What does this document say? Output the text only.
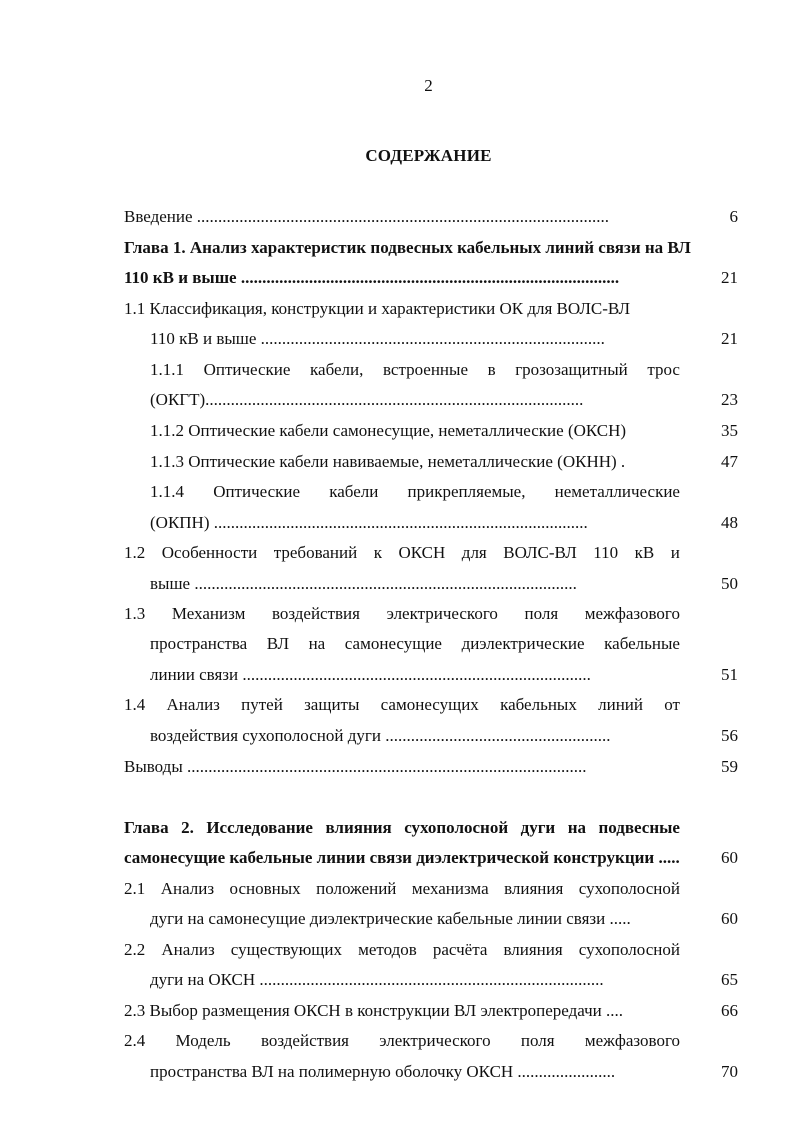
2
СОДЕРЖАНИЕ
Введение .................................................................................................	6
Глава 1. Анализ характеристик подвесных кабельных линий связи на ВЛ
110 кВ и выше .........................................................................................	21
1.1 Классификация, конструкции и характеристики ОК для ВОЛС-ВЛ
110 кВ и выше .................................................................................	21
1.1.1 Оптические кабели, встроенные в грозозащитный трос
(ОКГТ).........................................................................................	23
1.1.2 Оптические кабели самонесущие, неметаллические (ОКСН)	35
1.1.3 Оптические кабели навиваемые, неметаллические (ОКНН) .	47
1.1.4 Оптические кабели прикрепляемые, неметаллические
(ОКПН) ........................................................................................	48
1.2 Особенности требований к ОКСН для ВОЛС-ВЛ 110 кВ и
выше ..........................................................................................	50
1.3 Механизм воздействия электрического поля межфазового
пространства ВЛ на самонесущие диэлектрические кабельные
линии связи ..................................................................................	51
1.4 Анализ путей защиты самонесущих кабельных линий от
воздействия сухополосной дуги .....................................................	56
Выводы ..............................................................................................	59
Глава 2. Исследование влияния сухополосной дуги на подвесные
самонесущие кабельные линии связи диэлектрической конструкции .....	60
2.1 Анализ основных положений механизма влияния сухополосной
дуги на самонесущие диэлектрические кабельные линии связи .....	60
2.2 Анализ существующих методов расчёта влияния сухополосной
дуги на ОКСН .................................................................................	65
2.3 Выбор размещения ОКСН в конструкции ВЛ электропередачи ....	66
2.4 Модель воздействия электрического поля межфазового
пространства ВЛ на полимерную оболочку ОКСН .......................	70
